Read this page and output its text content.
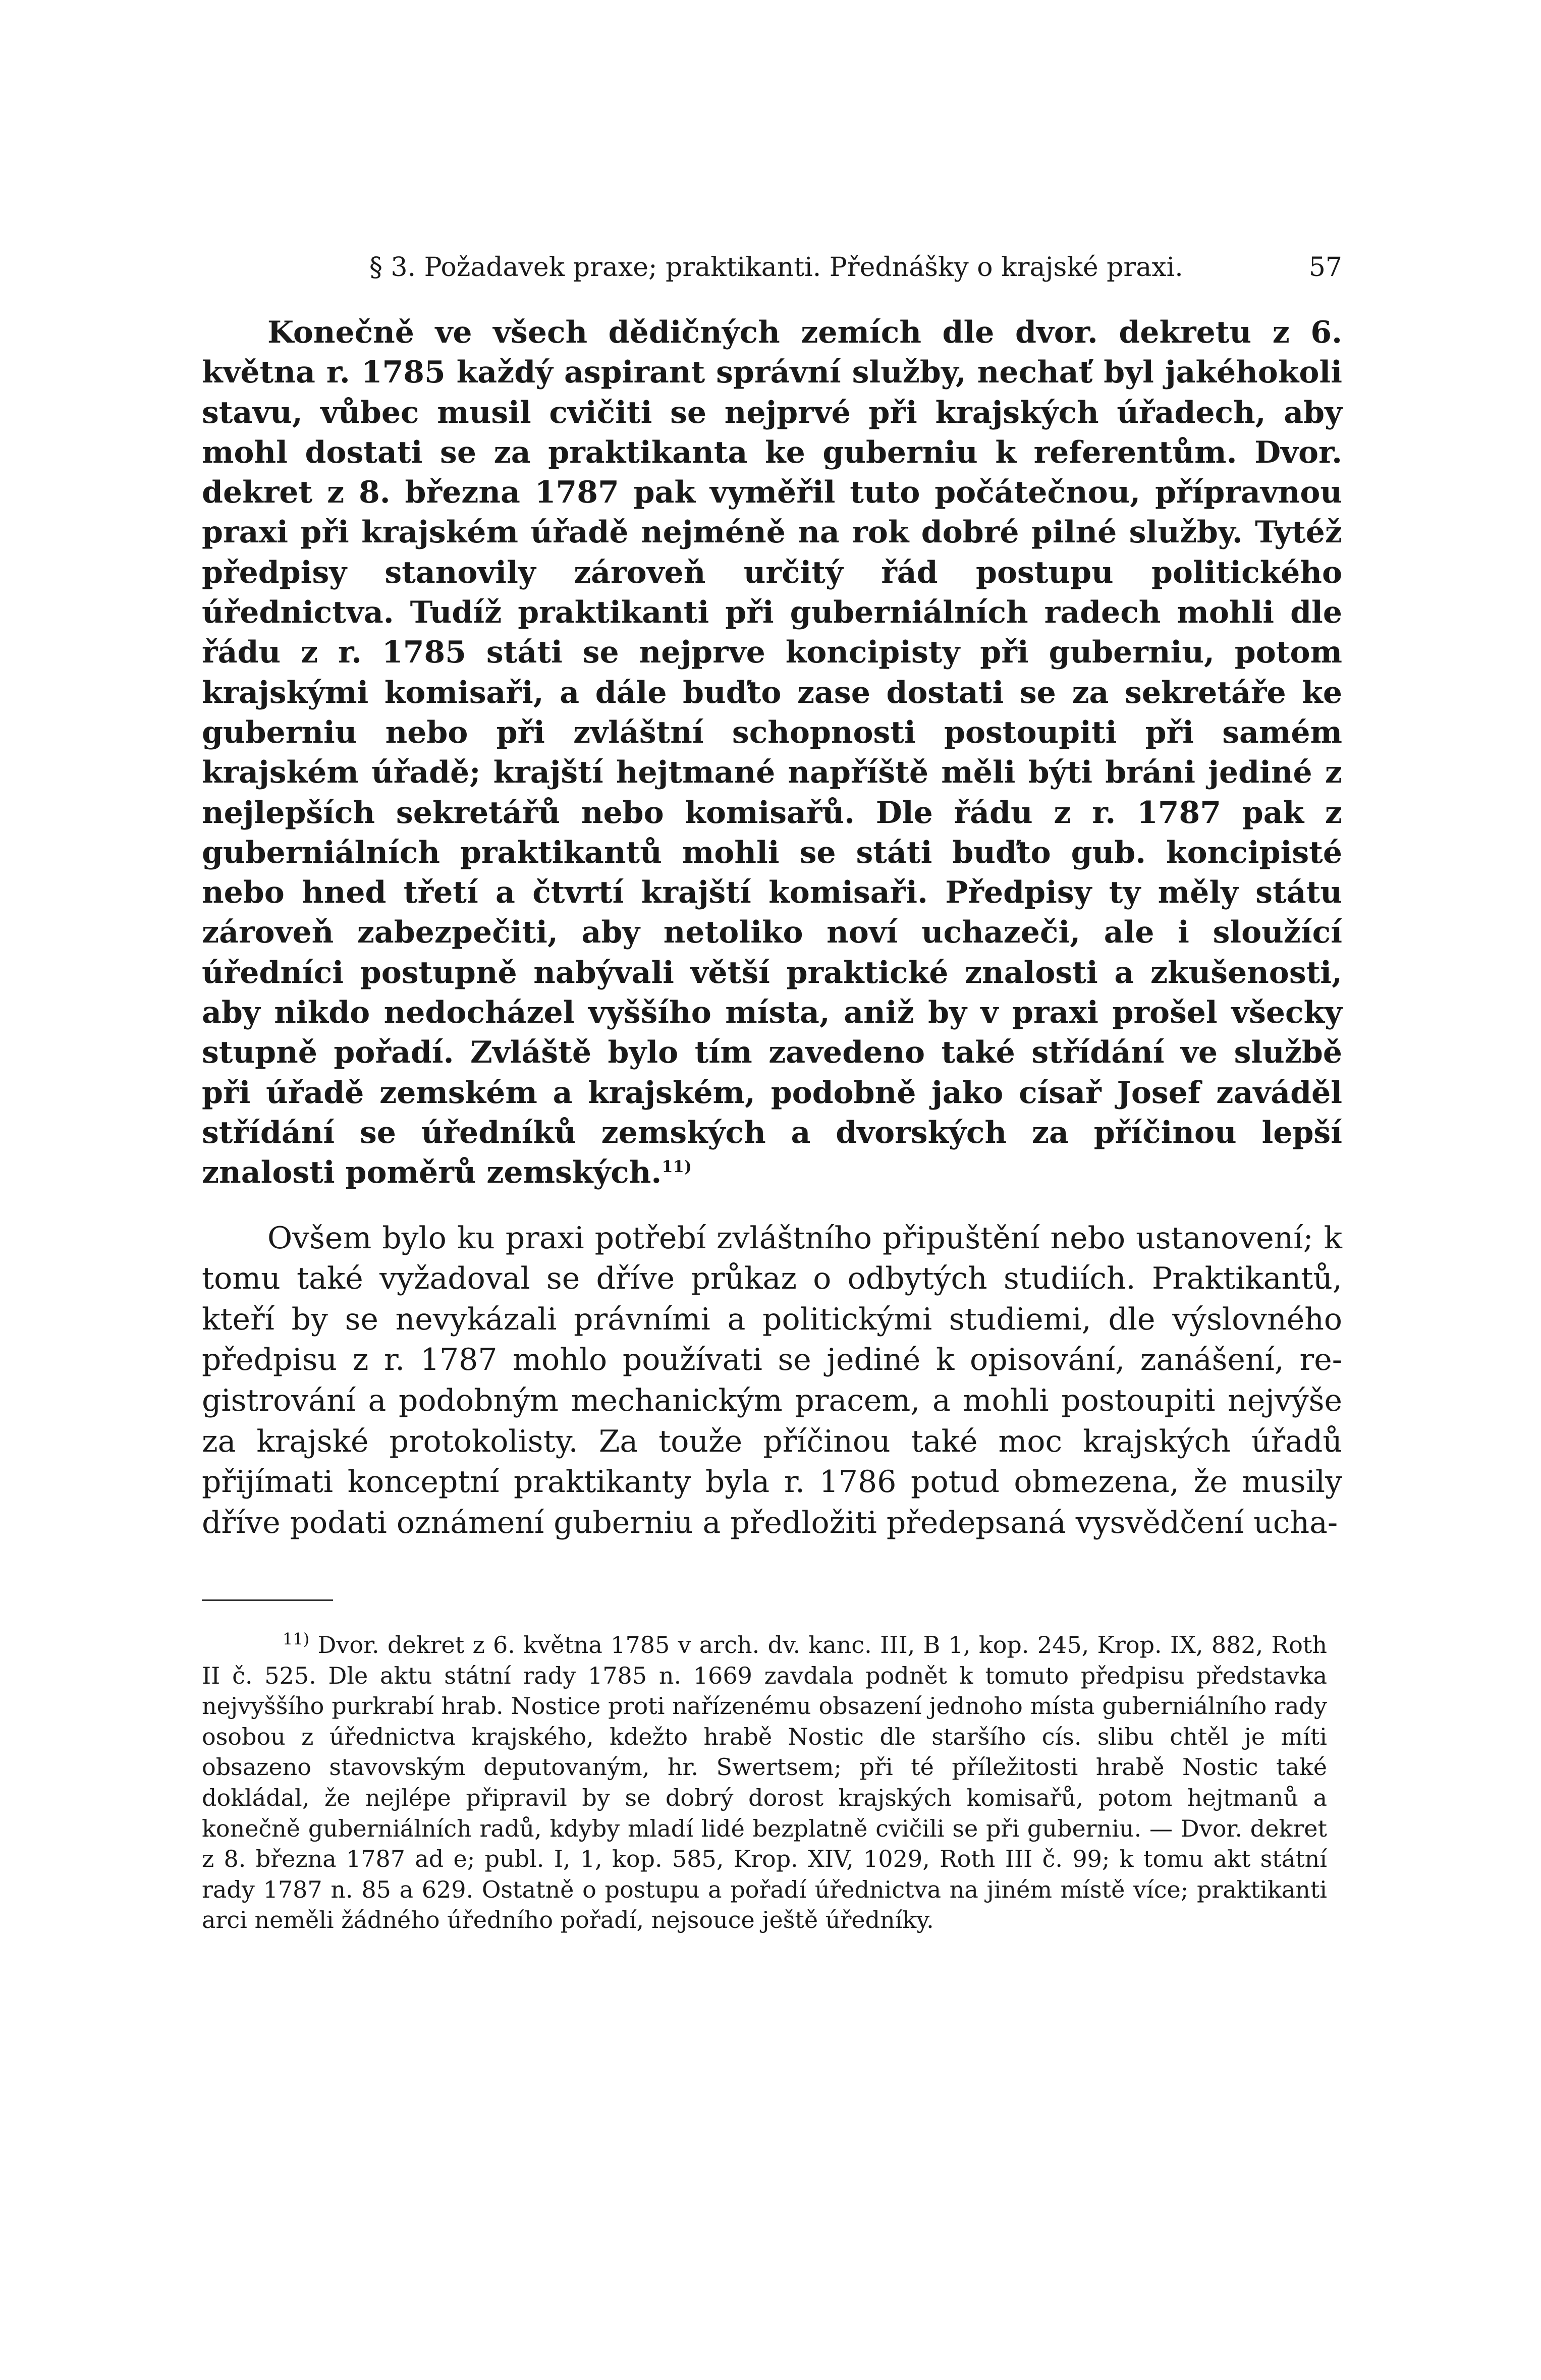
§ 3. Požadavek praxe; praktikanti. Přednášky o krajské praxi.	57

Konečně ve všech dědičných zemích dle dvor. dekretu z 6. května r. 1785 každý aspirant správní služby, nechať byl jakéhokoli stavu, vůbec musil cvičiti se nejprvé při krajských úřadech, aby mohl dostati se za praktikanta ke guberniu k referentům. Dvor. dekret z 8. března 1787 pak vyměřil tuto počátečnou, přípravnou praxi při krajském úřadě nejméně na rok dobré pilné služby. Tytéž předpisy stanovily zároveň určitý řád postupu politického úřednictva. Tudíž praktikanti při guberniálních radech mohli dle řádu z r. 1785 státi se nejprve koncipisty při guberniu, potom krajskými komisaři, a dále buďto zase dostati se za sekretáře ke guberniu nebo při zvláštní schopnosti postoupiti při samém krajském úřadě; krajští hejtmané napříště měli býti bráni jediné z nejlepších sekretářů nebo komisařů. Dle řádu z r. 1787 pak z guberniálních praktikantů mohli se státi buďto gub. koncipisté nebo hned třetí a čtvrtí krajští komisaři. Předpisy ty měly státu zároveň zabezpečiti, aby netoliko noví uchazeči, ale i sloužící úředníci postupně nabývali větší praktické znalosti a zkušenosti, aby nikdo nedocházel vyššího místa, aniž by v praxi prošel všecky stupně pořadí. Zvláště bylo tím zavedeno také střídání ve službě při úřadě zemském a krajském, podobně jako císař Josef zaváděl střídání se úředníků zemských a dvorských za příčinou lepší znalosti poměrů zemských.$^{11)}$

Ovšem bylo ku praxi potřebí zvláštního připuštění nebo ustanovení; k tomu také vyžadoval se dříve průkaz o odbytých studiích. Praktikantů, kteří by se nevykázali právními a politickými studiemi, dle výslovného předpisu z r. 1787 mohlo používati se jediné k opisování, zanášení, registrování a podobným mechanickým pracem, a mohli postoupiti nejvýše za krajské protokolisty. Za touže příčinou také moc krajských úřadů přijímati konceptní praktikanty byla r. 1786 potud obmezena, že musily dříve podati oznámení guberniu a předložiti předepsaná vysvědčení ucha-

$^{11)}$ Dvor. dekret z 6. května 1785 v arch. dv. kanc. III, B 1, kop. 245, Krop. IX, 882, Roth II č. 525. Dle aktu státní rady 1785 n. 1669 zavdala podnět k tomuto předpisu představka nejvyššího purkrabí hrab. Nostice proti nařízenému obsazení jednoho místa guberniálního rady osobou z úřednictva krajského, kdežto hrabě Nostic dle staršího cís. slibu chtěl je míti obsazeno stavovským deputovaným, hr. Swertsem; při té příležitosti hrabě Nostic také dokládal, že nejlépe připravil by se dobrý dorost krajských komisařů, potom hejtmanů a konečně guberniálních radů, kdyby mladí lidé bezplatně cvičili se při guberniu. — Dvor. dekret z 8. března 1787 ad e; publ. I, 1, kop. 585, Krop. XIV, 1029, Roth III č. 99; k tomu akt státní rady 1787 n. 85 a 629. Ostatně o postupu a pořadí úřednictva na jiném místě více; praktikanti arci neměli žádného úředního pořadí, nejsouce ještě úředníky.
